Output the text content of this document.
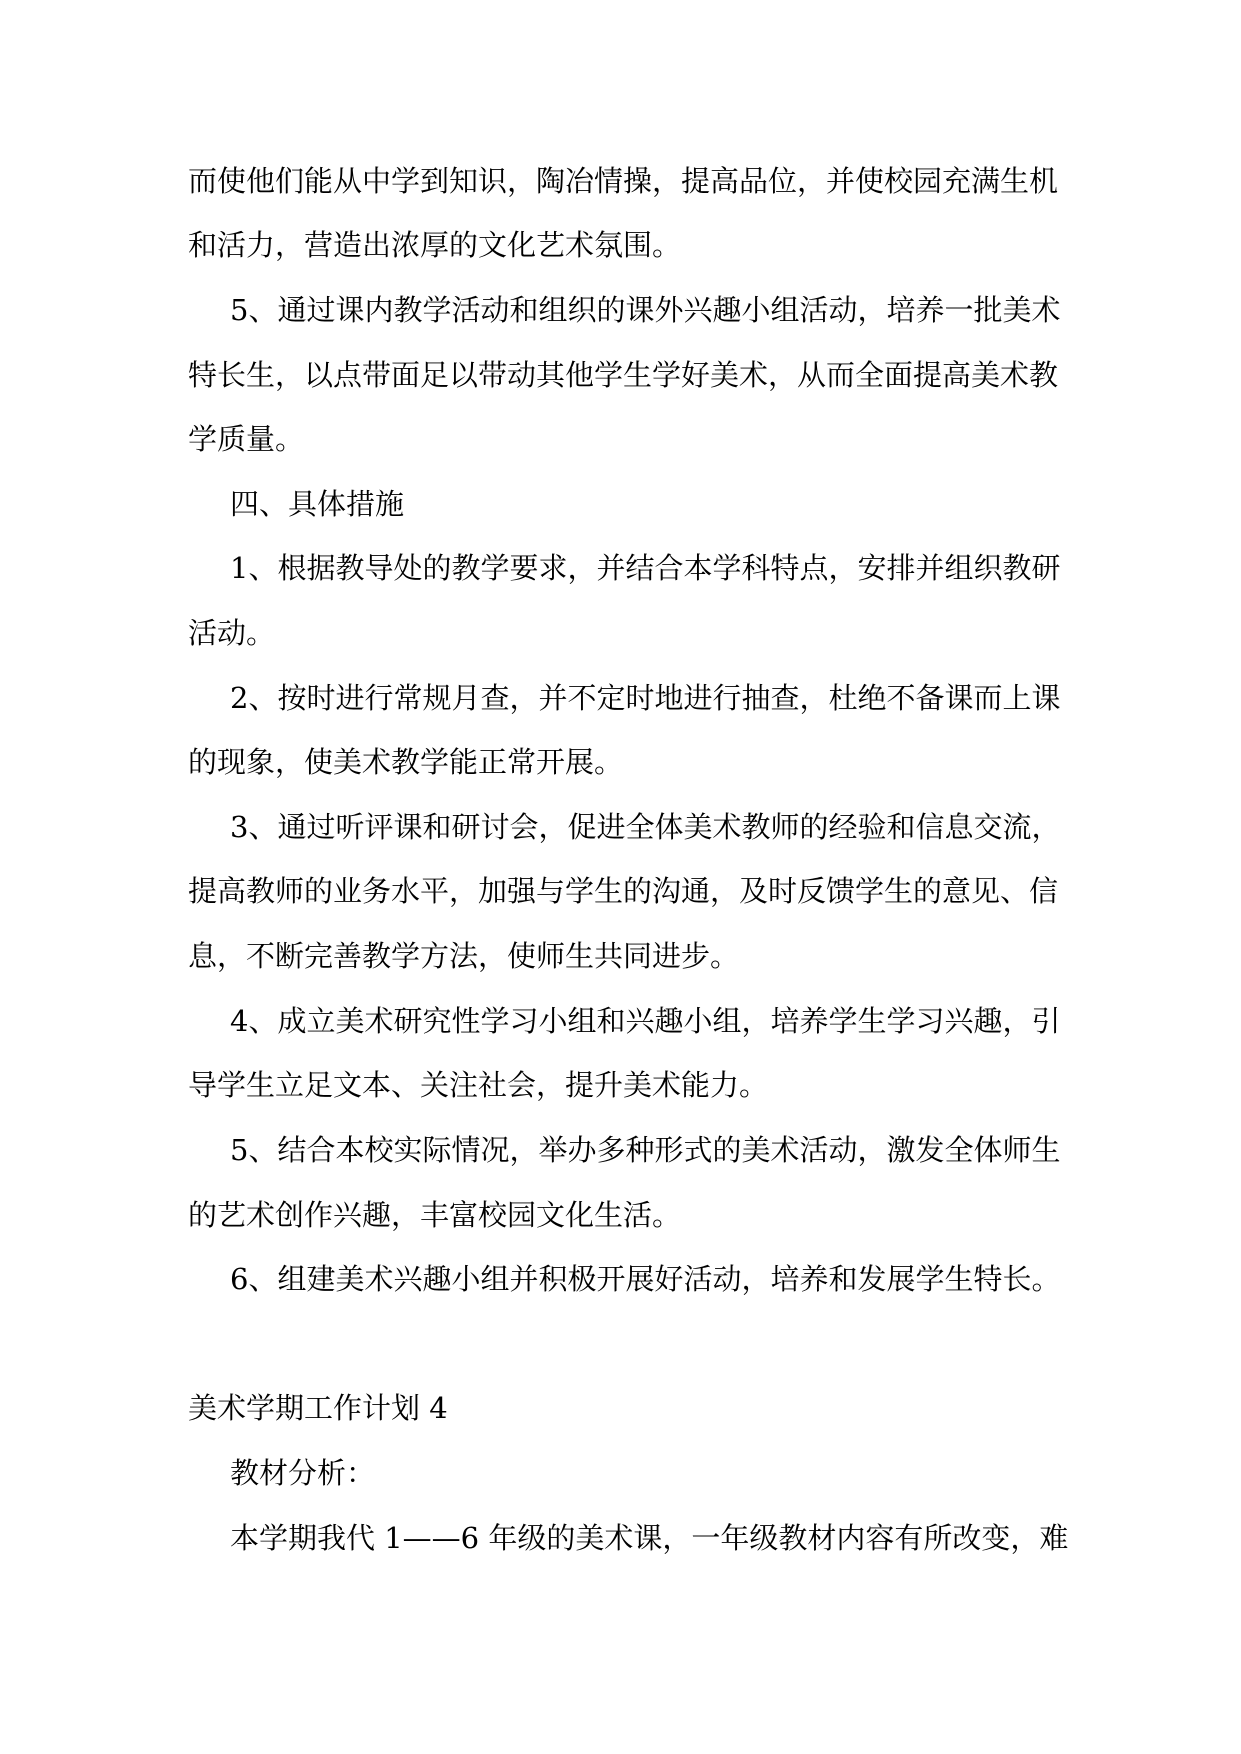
而使他们能从中学到知识，陶冶情操，提高品位，并使校园充满生机

和活力，营造出浓厚的文化艺术氛围。

5、通过课内教学活动和组织的课外兴趣小组活动，培养一批美术

特长生，以点带面足以带动其他学生学好美术，从而全面提高美术教

学质量。

四、具体措施

1、根据教导处的教学要求，并结合本学科特点，安排并组织教研

活动。

2、按时进行常规月查，并不定时地进行抽查，杜绝不备课而上课

的现象，使美术教学能正常开展。

3、通过听评课和研讨会，促进全体美术教师的经验和信息交流，

提高教师的业务水平，加强与学生的沟通，及时反馈学生的意见、信

息，不断完善教学方法，使师生共同进步。

4、成立美术研究性学习小组和兴趣小组，培养学生学习兴趣，引

导学生立足文本、关注社会，提升美术能力。

5、结合本校实际情况，举办多种形式的美术活动，激发全体师生

的艺术创作兴趣，丰富校园文化生活。

6、组建美术兴趣小组并积极开展好活动，培养和发展学生特长。

美术学期工作计划 4

教材分析：

本学期我代 1——6 年级的美术课，一年级教材内容有所改变，难
